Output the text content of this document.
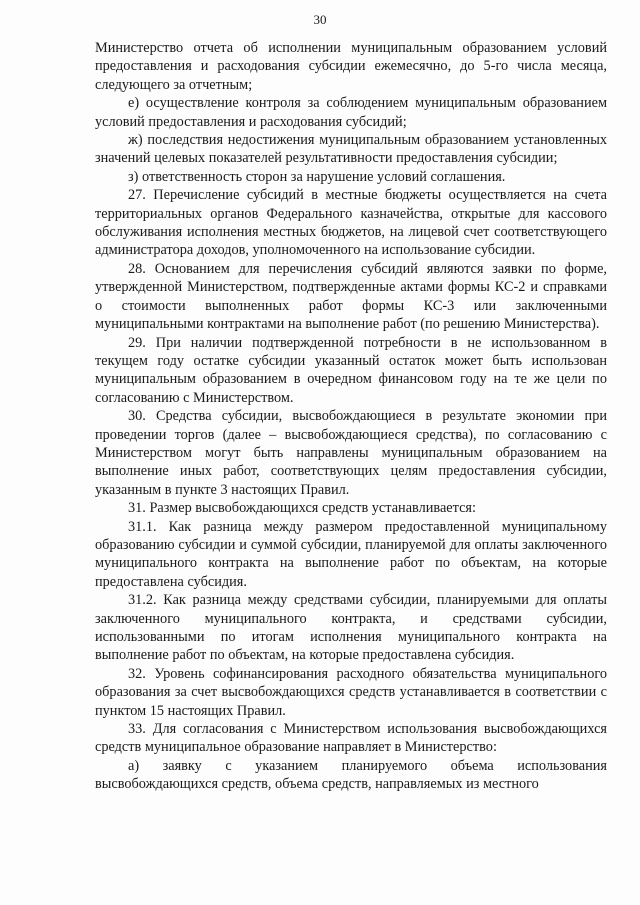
30

Министерство отчета об исполнении муниципальным образованием условий предоставления и расходования субсидии ежемесячно, до 5-го числа месяца, следующего за отчетным;

е) осуществление контроля за соблюдением муниципальным образованием условий предоставления и расходования субсидий;

ж) последствия недостижения муниципальным образованием установленных значений целевых показателей результативности предоставления субсидии;

з) ответственность сторон за нарушение условий соглашения.

27. Перечисление субсидий в местные бюджеты осуществляется на счета территориальных органов Федерального казначейства, открытые для кассового обслуживания исполнения местных бюджетов, на лицевой счет соответствующего администратора доходов, уполномоченного на использование субсидии.

28. Основанием для перечисления субсидий являются заявки по форме, утвержденной Министерством, подтвержденные актами формы КС-2 и справками о стоимости выполненных работ формы КС-3 или заключенными муниципальными контрактами на выполнение работ (по решению Министерства).

29. При наличии подтвержденной потребности в не использованном в текущем году остатке субсидии указанный остаток может быть использован муниципальным образованием в очередном финансовом году на те же цели по согласованию с Министерством.

30. Средства субсидии, высвобождающиеся в результате экономии при проведении торгов (далее – высвобождающиеся средства), по согласованию с Министерством могут быть направлены муниципальным образованием на выполнение иных работ, соответствующих целям предоставления субсидии, указанным в пункте 3 настоящих Правил.

31. Размер высвобождающихся средств устанавливается:

31.1. Как разница между размером предоставленной муниципальному образованию субсидии и суммой субсидии, планируемой для оплаты заключенного муниципального контракта на выполнение работ по объектам, на которые предоставлена субсидия.

31.2. Как разница между средствами субсидии, планируемыми для оплаты заключенного муниципального контракта, и средствами субсидии, использованными по итогам исполнения муниципального контракта на выполнение работ по объектам, на которые предоставлена субсидия.

32. Уровень софинансирования расходного обязательства муниципального образования за счет высвобождающихся средств устанавливается в соответствии с пунктом 15 настоящих Правил.

33. Для согласования с Министерством использования высвобождающихся средств муниципальное образование направляет в Министерство:

а) заявку с указанием планируемого объема использования высвобождающихся средств, объема средств, направляемых из местного
